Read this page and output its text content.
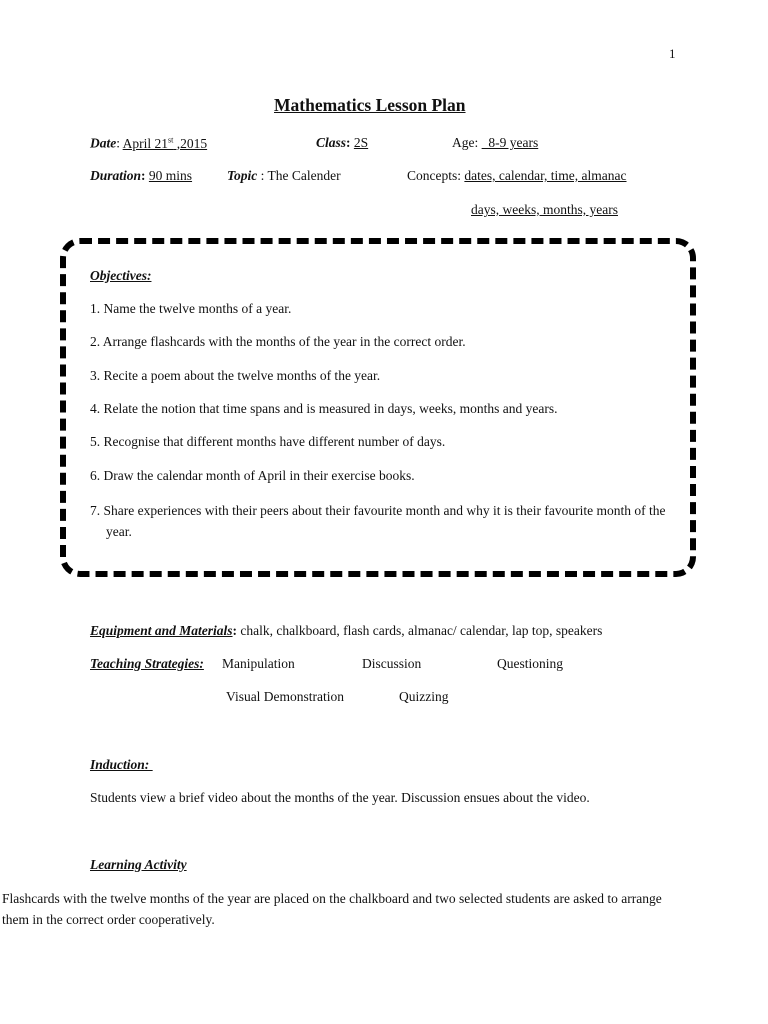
1
Mathematics Lesson Plan
Date: April 21st ,2015	Class: 2S	Age:   8-9 years
Duration: 90 mins	Topic : The Calender	Concepts: dates, calendar, time, almanac
days, weeks, months, years
Objectives:
1. Name the twelve months of a year.
2. Arrange flashcards with the months of the year in the correct order.
3. Recite a poem about the twelve months of the year.
4. Relate the notion that time spans and is measured in days, weeks, months and years.
5. Recognise that different months have different number of days.
6. Draw the calendar month of April in their exercise books.
7. Share experiences with their peers about their favourite month and why it is their favourite month of the year.
Equipment and Materials: chalk, chalkboard, flash cards, almanac/ calendar, lap top, speakers
Teaching Strategies: Manipulation	Discussion	Questioning
Visual Demonstration	Quizzing
Induction:
Students view a brief video about the months of the year. Discussion ensues about the video.
Learning Activity
Flashcards with the twelve months of the year are placed on the chalkboard and two selected students are asked to arrange them in the correct order cooperatively.
